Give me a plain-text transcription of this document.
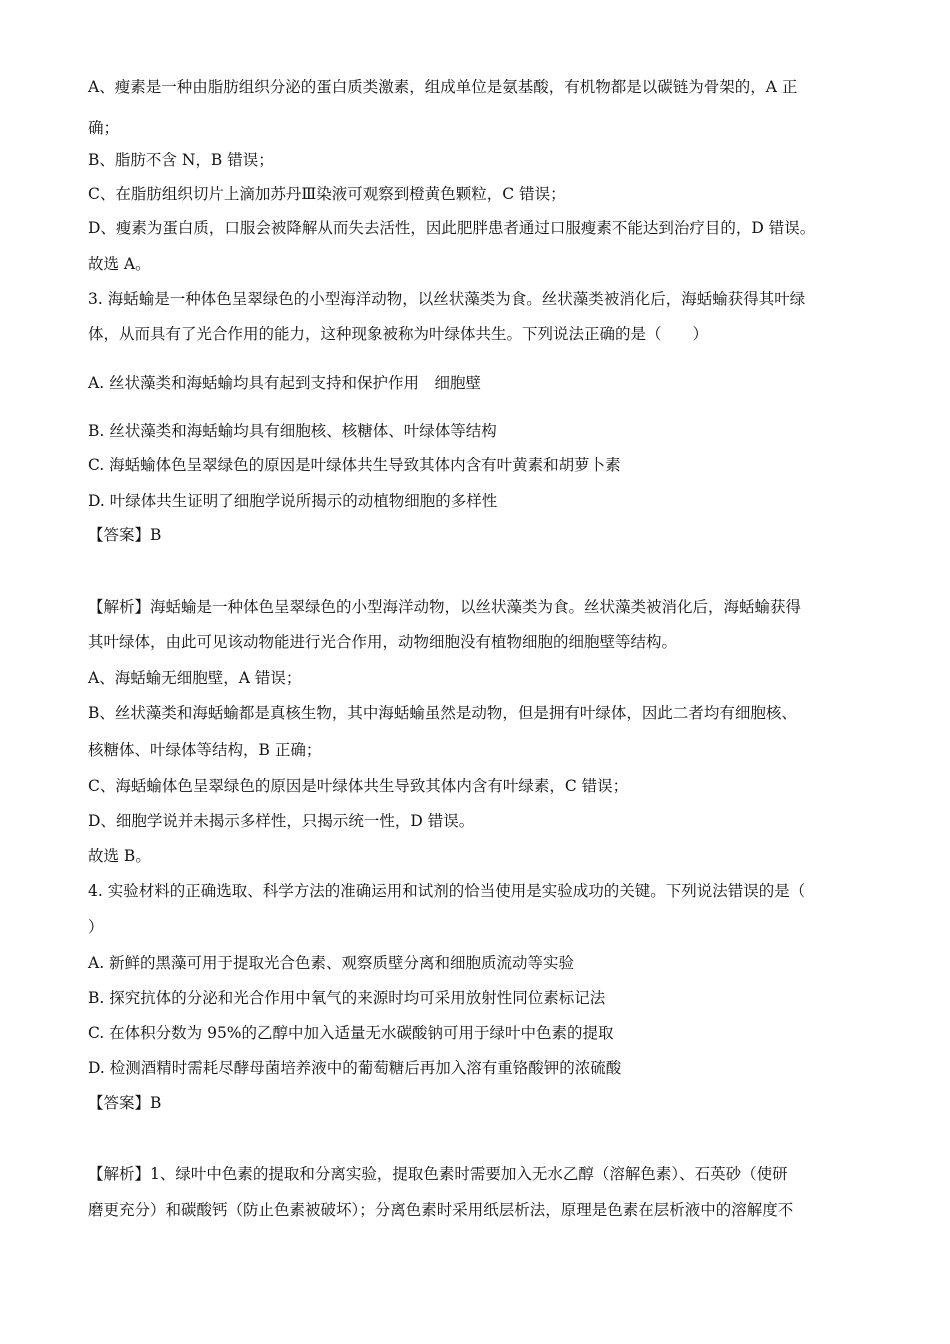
A、瘦素是一种由脂肪组织分泌的蛋白质类激素，组成单位是氨基酸，有机物都是以碳链为骨架的，A 正

确；

B、脂肪不含 N，B 错误；

C、在脂肪组织切片上滴加苏丹Ⅲ染液可观察到橙黄色颗粒，C 错误；

D、瘦素为蛋白质，口服会被降解从而失去活性，因此肥胖患者通过口服瘦素不能达到治疗目的，D 错误。

故选 A。

3. 海蛞蝓是一种体色呈翠绿色的小型海洋动物，以丝状藻类为食。丝状藻类被消化后，海蛞蝓获得其叶绿

体，从而具有了光合作用的能力，这种现象被称为叶绿体共生。下列说法正确的是（　　）

A. 丝状藻类和海蛞蝓均具有起到支持和保护作用　细胞壁

B. 丝状藻类和海蛞蝓均具有细胞核、核糖体、叶绿体等结构

C. 海蛞蝓体色呈翠绿色的原因是叶绿体共生导致其体内含有叶黄素和胡萝卜素

D. 叶绿体共生证明了细胞学说所揭示的动植物细胞的多样性

【答案】B

【解析】海蛞蝓是一种体色呈翠绿色的小型海洋动物，以丝状藻类为食。丝状藻类被消化后，海蛞蝓获得

其叶绿体，由此可见该动物能进行光合作用，动物细胞没有植物细胞的细胞壁等结构。

A、海蛞蝓无细胞壁，A 错误；

B、丝状藻类和海蛞蝓都是真核生物，其中海蛞蝓虽然是动物，但是拥有叶绿体，因此二者均有细胞核、

核糖体、叶绿体等结构，B 正确；

C、海蛞蝓体色呈翠绿色的原因是叶绿体共生导致其体内含有叶绿素，C 错误；

D、细胞学说并未揭示多样性，只揭示统一性，D 错误。

故选 B。

4. 实验材料的正确选取、科学方法的准确运用和试剂的恰当使用是实验成功的关键。下列说法错误的是（

）

A. 新鲜的黑藻可用于提取光合色素、观察质壁分离和细胞质流动等实验

B. 探究抗体的分泌和光合作用中氧气的来源时均可采用放射性同位素标记法

C. 在体积分数为 95%的乙醇中加入适量无水碳酸钠可用于绿叶中色素的提取

D. 检测酒精时需耗尽酵母菌培养液中的葡萄糖后再加入溶有重铬酸钾的浓硫酸

【答案】B

【解析】1、绿叶中色素的提取和分离实验，提取色素时需要加入无水乙醇（溶解色素）、石英砂（使研

磨更充分）和碳酸钙（防止色素被破坏）；分离色素时采用纸层析法，原理是色素在层析液中的溶解度不
